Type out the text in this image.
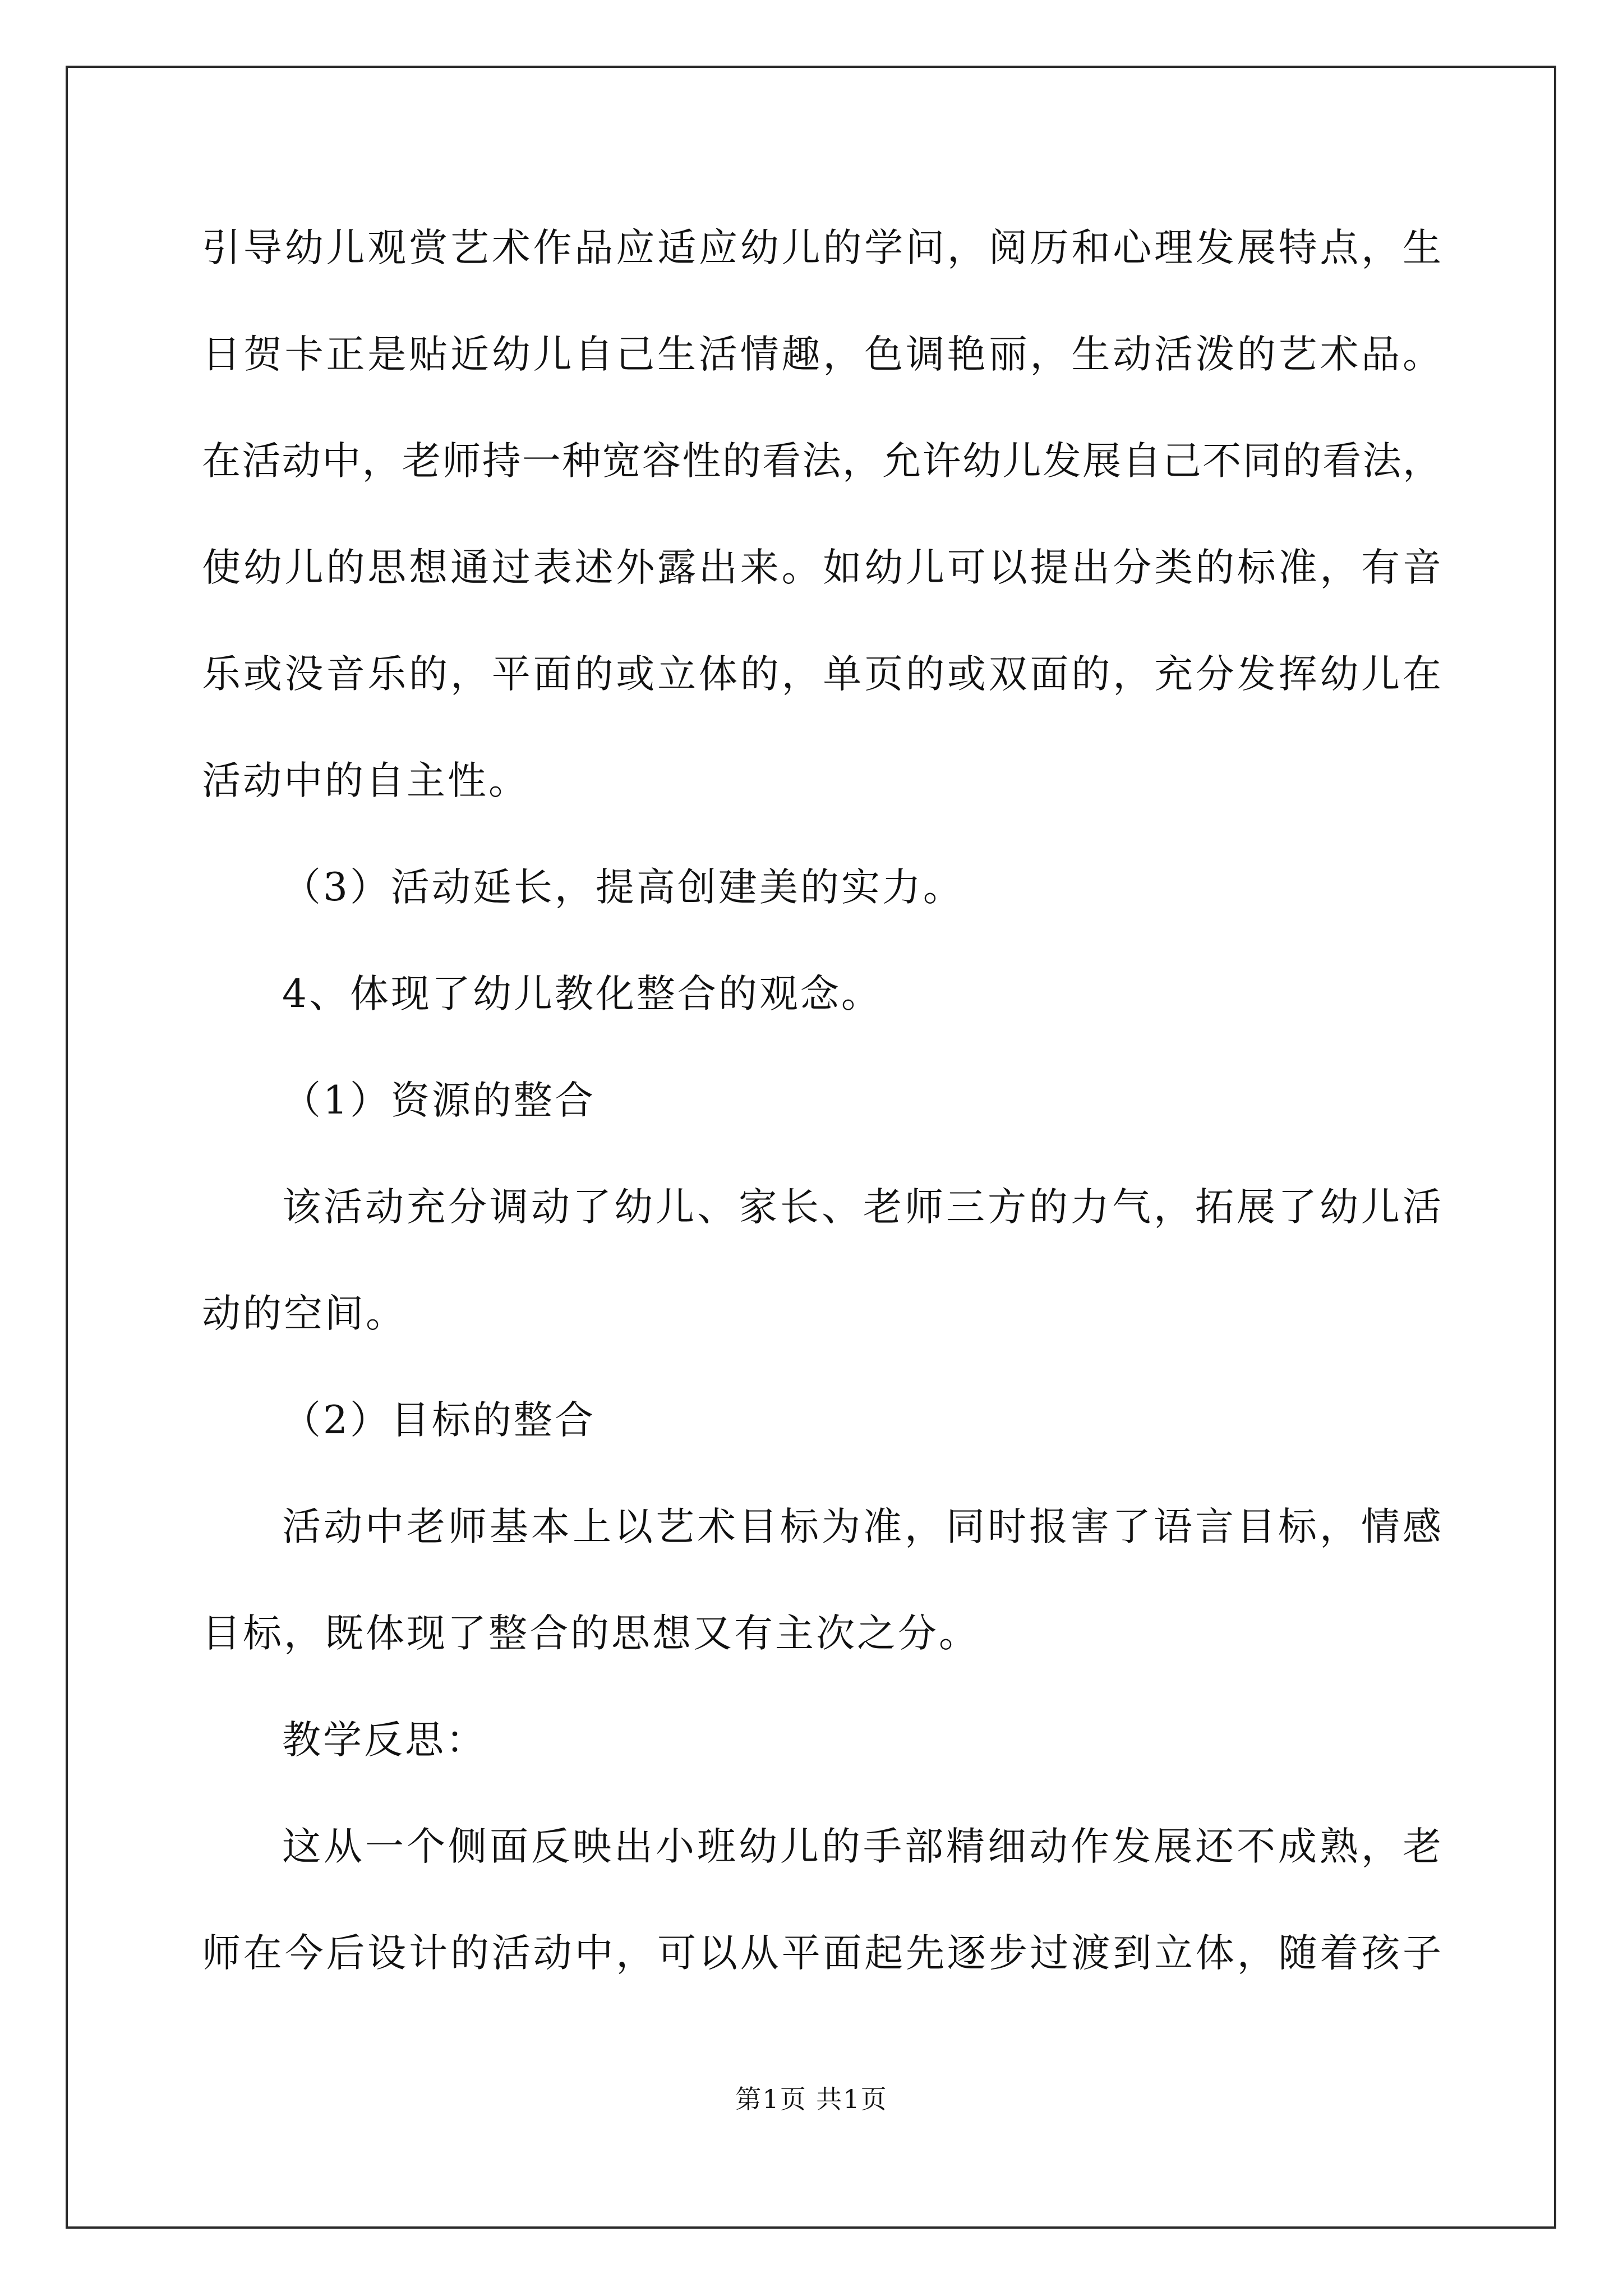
引导幼儿观赏艺术作品应适应幼儿的学问，阅历和心理发展特点，生
日贺卡正是贴近幼儿自己生活情趣，色调艳丽，生动活泼的艺术品。
在活动中，老师持一种宽容性的看法，允许幼儿发展自己不同的看法，
使幼儿的思想通过表述外露出来。如幼儿可以提出分类的标准，有音
乐或没音乐的，平面的或立体的，单页的或双面的，充分发挥幼儿在
活动中的自主性。
（3）活动延长，提高创建美的实力。
4、体现了幼儿教化整合的观念。
（1）资源的整合
该活动充分调动了幼儿、家长、老师三方的力气，拓展了幼儿活
动的空间。
（2）目标的整合
活动中老师基本上以艺术目标为准，同时报害了语言目标，情感
目标，既体现了整合的思想又有主次之分。
教学反思：
这从一个侧面反映出小班幼儿的手部精细动作发展还不成熟，老
师在今后设计的活动中，可以从平面起先逐步过渡到立体，随着孩子
第1页 共1页
